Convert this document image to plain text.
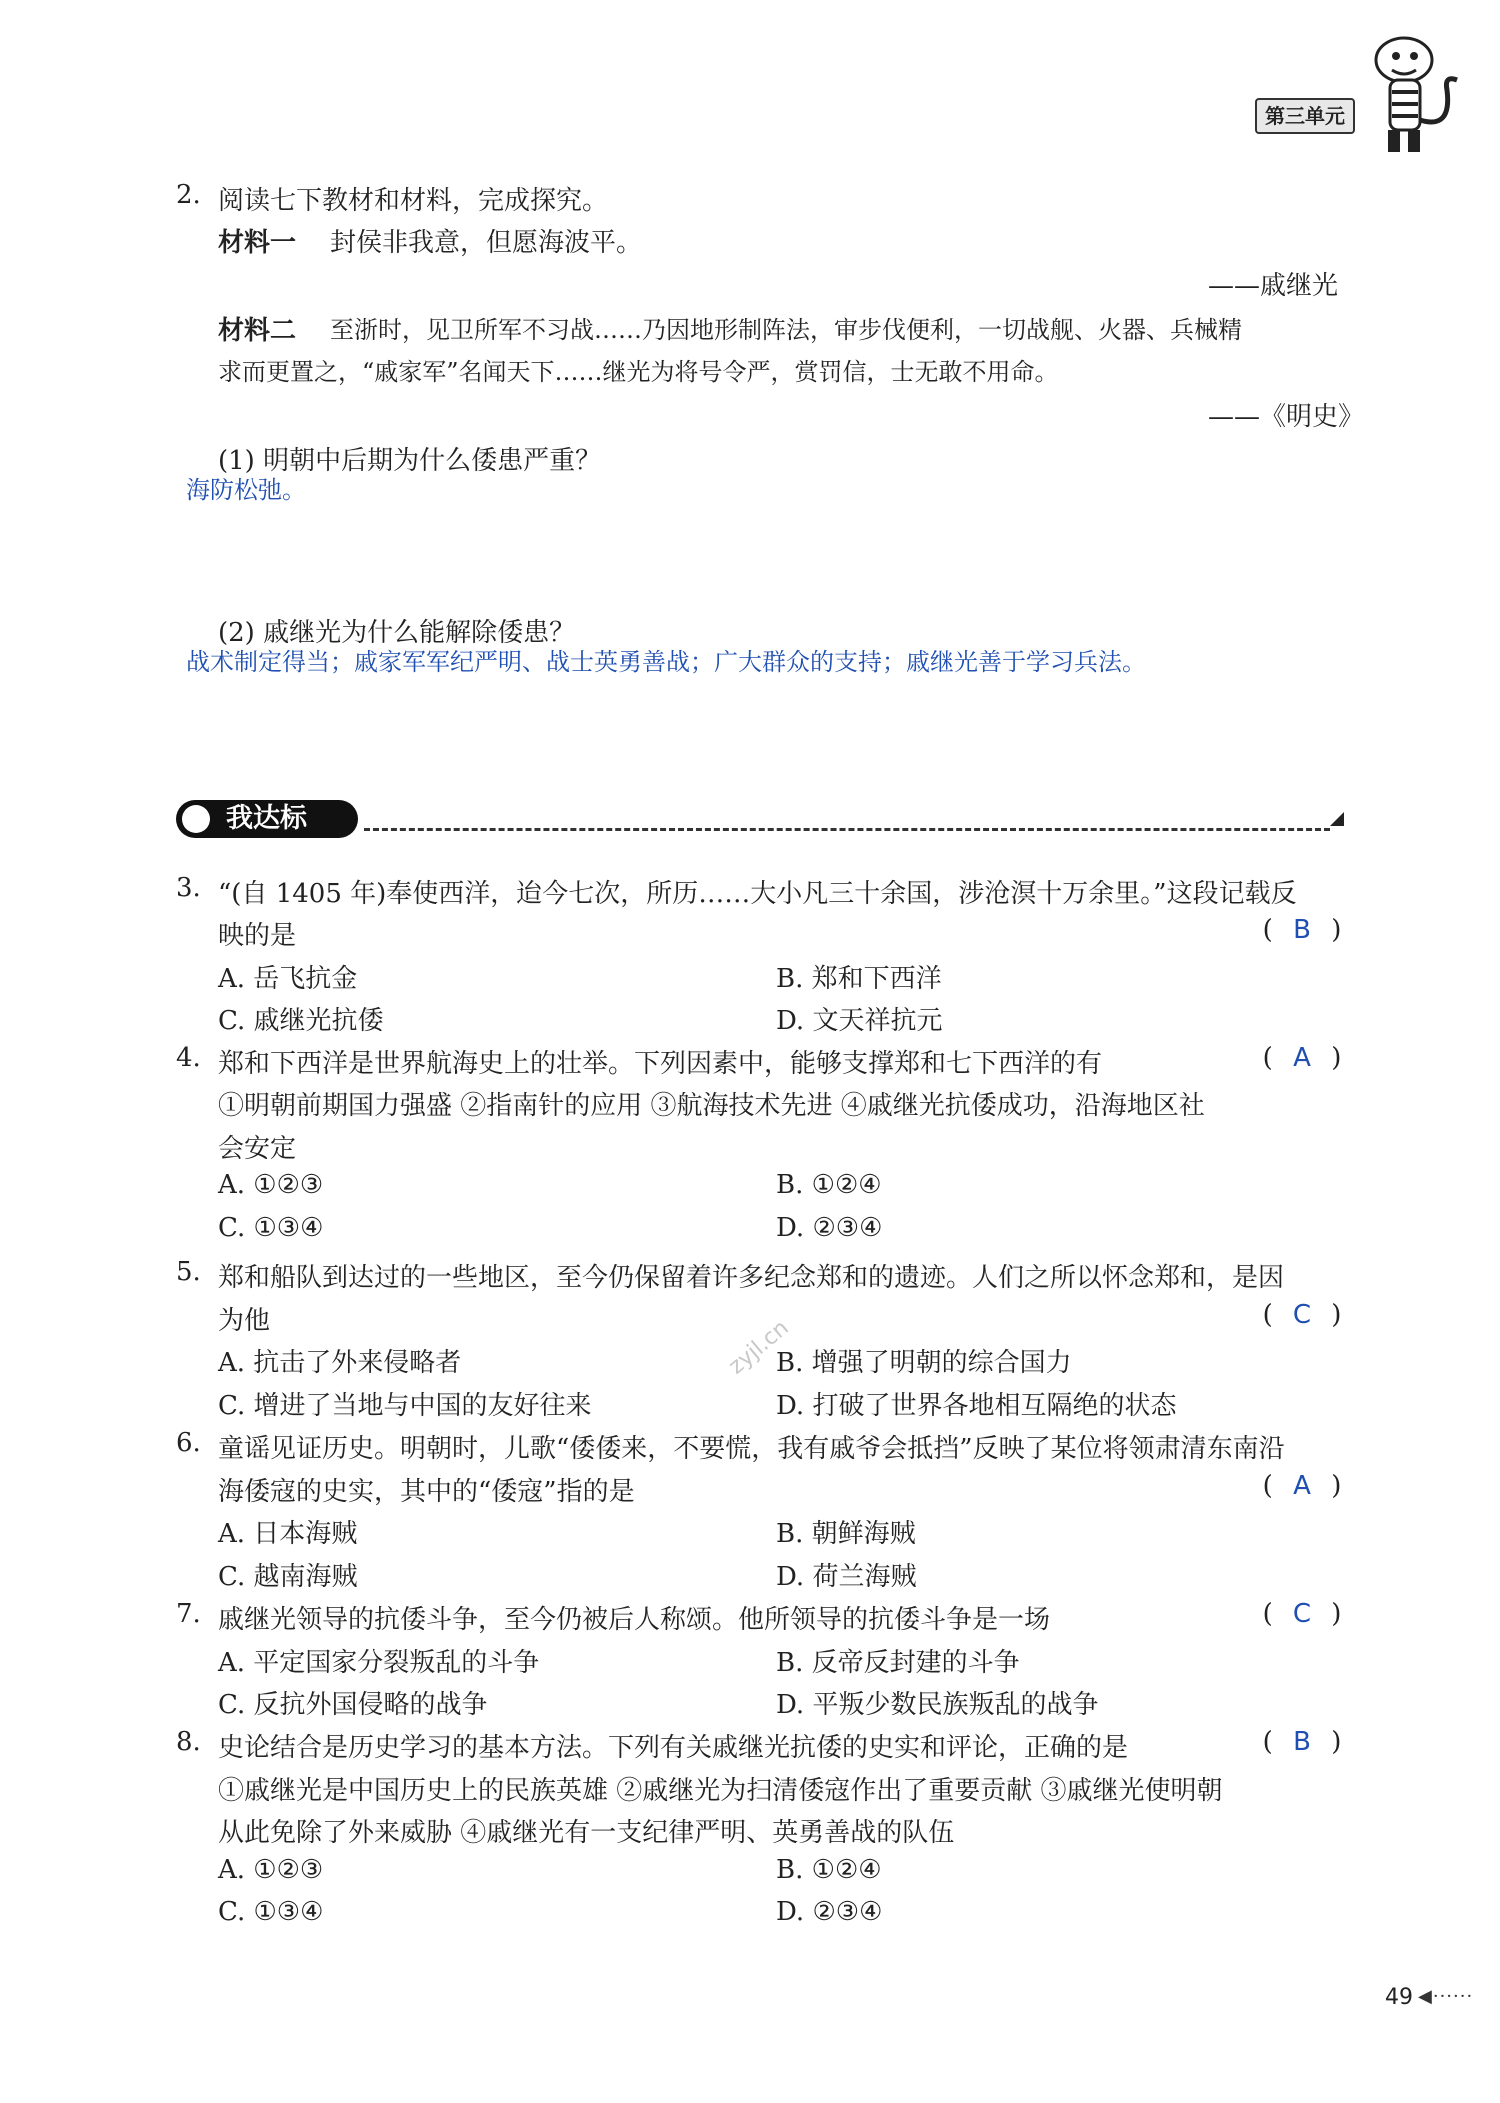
第三单元
2. 阅读七下教材和材料，完成探究。
材料一 封侯非我意，但愿海波平。
——戚继光
材料二 至浙时，见卫所军不习战……乃因地形制阵法，审步伐便利，一切战舰、火器、兵械精
求而更置之，“戚家军”名闻天下……继光为将号令严，赏罚信，士无敢不用命。
——《明史》
(1) 明朝中后期为什么倭患严重？
海防松弛。
(2) 戚继光为什么能解除倭患？
战术制定得当；戚家军军纪严明、战士英勇善战；广大群众的支持；戚继光善于学习兵法。
我达标
3. “(自 1405 年)奉使西洋，迨今七次，所历……大小凡三十余国，涉沧溟十万余里。”这段记载反
映的是	( B )
A. 岳飞抗金	B. 郑和下西洋
C. 戚继光抗倭	D. 文天祥抗元
4. 郑和下西洋是世界航海史上的壮举。下列因素中，能够支撑郑和七下西洋的有	( A )
①明朝前期国力强盛 ②指南针的应用 ③航海技术先进 ④戚继光抗倭成功，沿海地区社
会安定
A. ①②③	B. ①②④
C. ①③④	D. ②③④
5. 郑和船队到达过的一些地区，至今仍保留着许多纪念郑和的遗迹。人们之所以怀念郑和，是因
为他	( C )
A. 抗击了外来侵略者	B. 增强了明朝的综合国力
C. 增进了当地与中国的友好往来	D. 打破了世界各地相互隔绝的状态
6. 童谣见证历史。明朝时，儿歌“倭倭来，不要慌，我有戚爷会抵挡”反映了某位将领肃清东南沿
海倭寇的史实，其中的“倭寇”指的是	( A )
A. 日本海贼	B. 朝鲜海贼
C. 越南海贼	D. 荷兰海贼
7. 戚继光领导的抗倭斗争，至今仍被后人称颂。他所领导的抗倭斗争是一场	( C )
A. 平定国家分裂叛乱的斗争	B. 反帝反封建的斗争
C. 反抗外国侵略的战争	D. 平叛少数民族叛乱的战争
8. 史论结合是历史学习的基本方法。下列有关戚继光抗倭的史实和评论，正确的是	( B )
①戚继光是中国历史上的民族英雄 ②戚继光为扫清倭寇作出了重要贡献 ③戚继光使明朝
从此免除了外来威胁 ④戚继光有一支纪律严明、英勇善战的队伍
A. ①②③	B. ①②④
C. ①③④	D. ②③④
zyjl.cn
49 ◀······
